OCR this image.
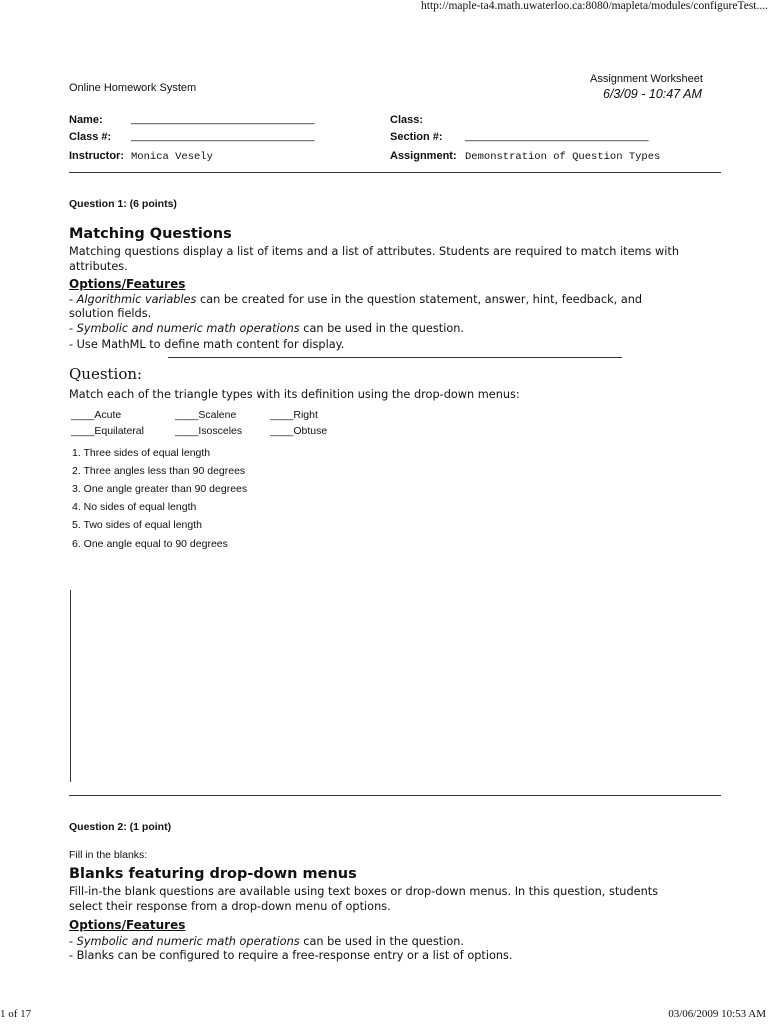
http://maple-ta4.math.uwaterloo.ca:8080/mapleta/modules/configureTest....
Online Homework System
Assignment Worksheet
6/3/09 - 10:47 AM
Name:	______________________________	Class:
Class #: ______________________________	Section #: ______________________________
Instructor: Monica Vesely	Assignment: Demonstration of Question Types
Question 1: (6 points)
Matching Questions
Matching questions display a list of items and a list of attributes. Students are required to match items with
attributes.
Options/Features
- Algorithmic variables can be created for use in the question statement, answer, hint, feedback, and
solution fields.
- Symbolic and numeric math operations can be used in the question.
- Use MathML to define math content for display.
Question:
Match each of the triangle types with its definition using the drop-down menus:
____Acute	____Scalene	____Right
____Equilateral	____Isosceles	____Obtuse
1. Three sides of equal length
2. Three angles less than 90 degrees
3. One angle greater than 90 degrees
4. No sides of equal length
5. Two sides of equal length
6. One angle equal to 90 degrees
Question 2: (1 point)
Fill in the blanks:
Blanks featuring drop-down menus
Fill-in-the blank questions are available using text boxes or drop-down menus. In this question, students
select their response from a drop-down menu of options.
Options/Features
- Symbolic and numeric math operations can be used in the question.
- Blanks can be configured to require a free-response entry or a list of options.
1 of 17	03/06/2009 10:53 AM
